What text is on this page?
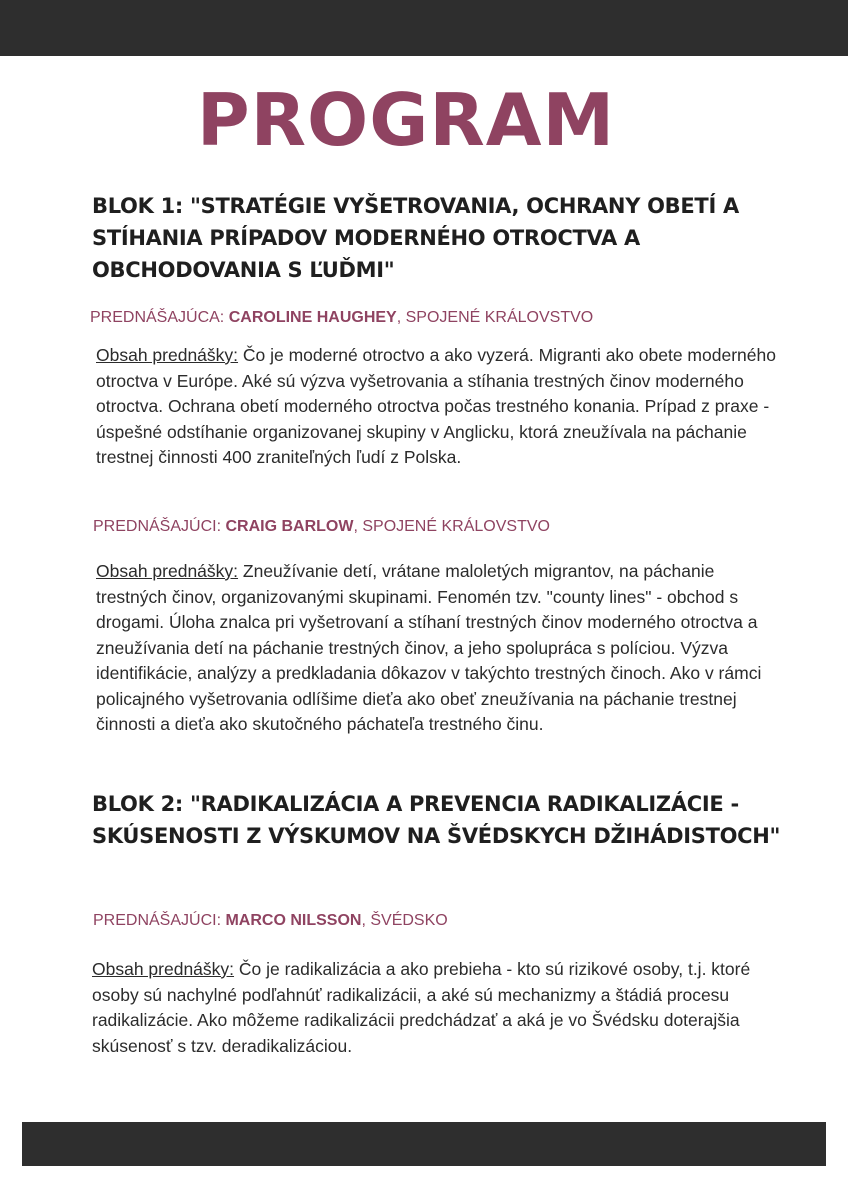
PROGRAM
BLOK 1: "STRATÉGIE VYŠETROVANIA, OCHRANY OBETÍ A STÍHANIA PRÍPADOV MODERNÉHO OTROCTVA A OBCHODOVANIA S ĽUĎMI"
PREDNÁŠAJÚCA: CAROLINE HAUGHEY, SPOJENÉ KRÁLOVSTVO
Obsah prednášky: Čo je moderné otroctvo a ako vyzerá. Migranti ako obete moderného otroctva v Európe. Aké sú výzva vyšetrovania a stíhania trestných činov moderného otroctva. Ochrana obetí moderného otroctva počas trestného konania. Prípad z praxe - úspešné odstíhanie organizovanej skupiny v Anglicku, ktorá zneužívala na páchanie trestnej činnosti 400 zraniteľných ľudí z Polska.
PREDNÁŠAJÚCI: CRAIG BARLOW, SPOJENÉ KRÁLOVSTVO
Obsah prednášky: Zneužívanie detí, vrátane maloletých migrantov, na páchanie trestných činov, organizovanými skupinami. Fenomén tzv. "county lines" - obchod s drogami. Úloha znalca pri vyšetrovaní a stíhaní trestných činov moderného otroctva a zneužívania detí na páchanie trestných činov, a jeho spolupráca s políciou. Výzva identifikácie, analýzy a predkladania dôkazov v takýchto trestných činoch. Ako v rámci policajného vyšetrovania odlíšime dieťa ako obeť zneužívania na páchanie trestnej činnosti a dieťa ako skutočného páchateľa trestného činu.
BLOK 2: "RADIKALIZÁCIA A PREVENCIA RADIKALIZÁCIE - SKÚSENOSTI Z VÝSKUMOV NA ŠVÉDSKYCH DŽIHÁDISTOCH"
PREDNÁŠAJÚCI: MARCO NILSSON, ŠVÉDSKO
Obsah prednášky: Čo je radikalizácia a ako prebieha - kto sú rizikové osoby, t.j. ktoré osoby sú nachylné podľahnúť radikalizácii, a aké sú mechanizmy a štádiá procesu radikalizácie. Ako môžeme radikalizácii predchádzať a aká je vo Švédsku doterajšia skúsenosť s tzv. deradikalizáciou.
